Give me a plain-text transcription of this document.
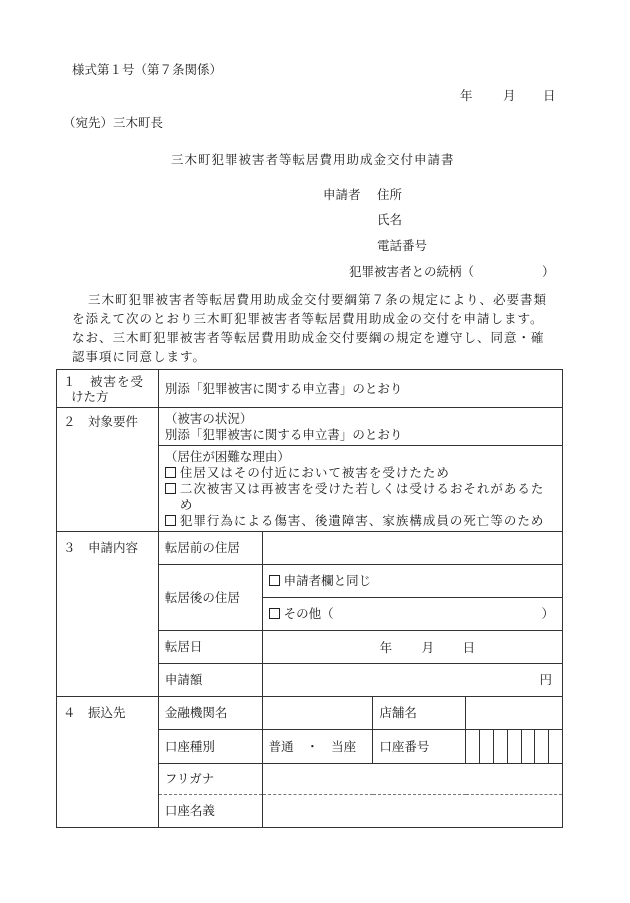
様式第１号（第７条関係）
年 月 日
（宛先）三木町長
三木町犯罪被害者等転居費用助成金交付申請書
申請者 住所
氏名
電話番号
犯罪被害者との続柄（	）
三木町犯罪被害者等転居費用助成金交付要綱第７条の規定により、必要書類
を添えて次のとおり三木町犯罪被害者等転居費用助成金の交付を申請します。
なお、三木町犯罪被害者等転居費用助成金交付要綱の規定を遵守し、同意・確
認事項に同意します。
１　被害を受
けた方	別添「犯罪被害に関する申立書」のとおり			
２　対象要件	（被害の状況）
別添「犯罪被害に関する申立書」のとおり			

	（居住が困難な理由）
住居又はその付近において被害を受けたため
二次被害又は再被害を受けた若しくは受けるおそれがあるた
め
犯罪行為による傷害、後遺障害、家族構成員の死亡等のため			

３　申請内容	転居前の住居			
	転居後の住居	申請者欄と同じ		
		その他（ ）		

	転居日	年 月 日		

	申請額	円		
４　振込先	金融機関名		店舗名	
	口座種別	普通　・　当座	口座番号	

	フリガナ			
	口座名義			
